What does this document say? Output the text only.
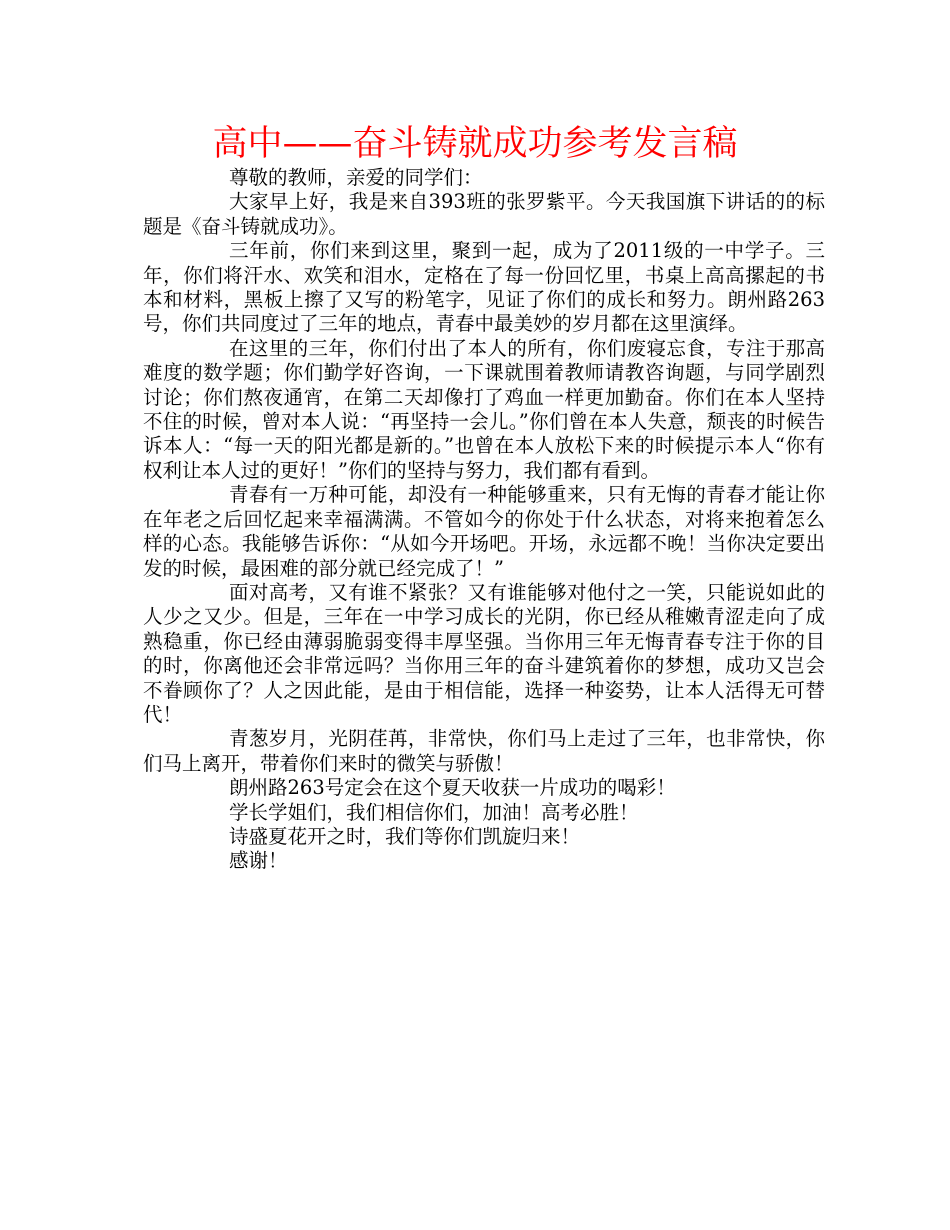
高中——奋斗铸就成功参考发言稿

尊敬的教师，亲爱的同学们：

大家早上好，我是来自393班的张罗紫平。今天我国旗下讲话的的标题是《奋斗铸就成功》。

三年前，你们来到这里，聚到一起，成为了2011级的一中学子。三年，你们将汗水、欢笑和泪水，定格在了每一份回忆里，书桌上高高摞起的书本和材料，黑板上擦了又写的粉笔字，见证了你们的成长和努力。朗州路263号，你们共同度过了三年的地点，青春中最美妙的岁月都在这里演绎。

在这里的三年，你们付出了本人的所有，你们废寝忘食，专注于那高难度的数学题；你们勤学好咨询，一下课就围着教师请教咨询题，与同学剧烈讨论；你们熬夜通宵，在第二天却像打了鸡血一样更加勤奋。你们在本人坚持不住的时候，曾对本人说：“再坚持一会儿。”你们曾在本人失意，颓丧的时候告诉本人：“每一天的阳光都是新的。”也曾在本人放松下来的时候提示本人“你有权利让本人过的更好！”你们的坚持与努力，我们都有看到。

青春有一万种可能，却没有一种能够重来，只有无悔的青春才能让你在年老之后回忆起来幸福满满。不管如今的你处于什么状态，对将来抱着怎么样的心态。我能够告诉你：“从如今开场吧。开场，永远都不晚！当你决定要出发的时候，最困难的部分就已经完成了！”

面对高考，又有谁不紧张？又有谁能够对他付之一笑，只能说如此的人少之又少。但是，三年在一中学习成长的光阴，你已经从稚嫩青涩走向了成熟稳重，你已经由薄弱脆弱变得丰厚坚强。当你用三年无悔青春专注于你的目的时，你离他还会非常远吗？当你用三年的奋斗建筑着你的梦想，成功又岂会不眷顾你了？人之因此能，是由于相信能，选择一种姿势，让本人活得无可替代！

青葱岁月，光阴荏苒，非常快，你们马上走过了三年，也非常快，你们马上离开，带着你们来时的微笑与骄傲！

朗州路263号定会在这个夏天收获一片成功的喝彩！

学长学姐们，我们相信你们，加油！高考必胜！

诗盛夏花开之时，我们等你们凯旋归来！

感谢！
